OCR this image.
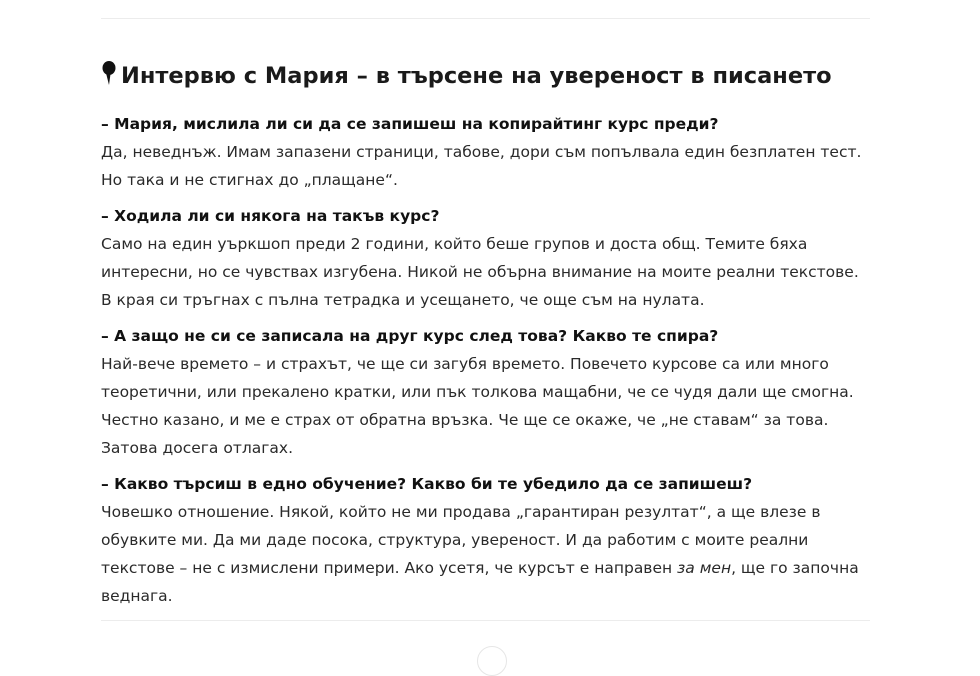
Интервю с Мария – в търсене на увереност в писането

– Мария, мислила ли си да се запишеш на копирайтинг курс преди?

Да, неведнъж. Имам запазени страници, табове, дори съм попълвала един безплатен тест. Но така и не стигнах до „плащане“.

– Ходила ли си някога на такъв курс?

Само на един уъркшоп преди 2 години, който беше групов и доста общ. Темите бяха интересни, но се чувствах изгубена. Никой не обърна внимание на моите реални текстове. В края си тръгнах с пълна тетрадка и усещането, че още съм на нулата.

– А защо не си се записала на друг курс след това? Какво те спира?

Най-вече времето – и страхът, че ще си загубя времето. Повечето курсове са или много теоретични, или прекалено кратки, или пък толкова мащабни, че се чудя дали ще смогна. Честно казано, и ме е страх от обратна връзка. Че ще се окаже, че „не ставам“ за това. Затова досега отлагах.

– Какво търсиш в едно обучение? Какво би те убедило да се запишеш?

Човешко отношение. Някой, който не ми продава „гарантиран резултат“, а ще влезе в обувките ми. Да ми даде посока, структура, увереност. И да работим с моите реални текстове – не с измислени примери. Ако усетя, че курсът е направен за мен, ще го започна веднага.
